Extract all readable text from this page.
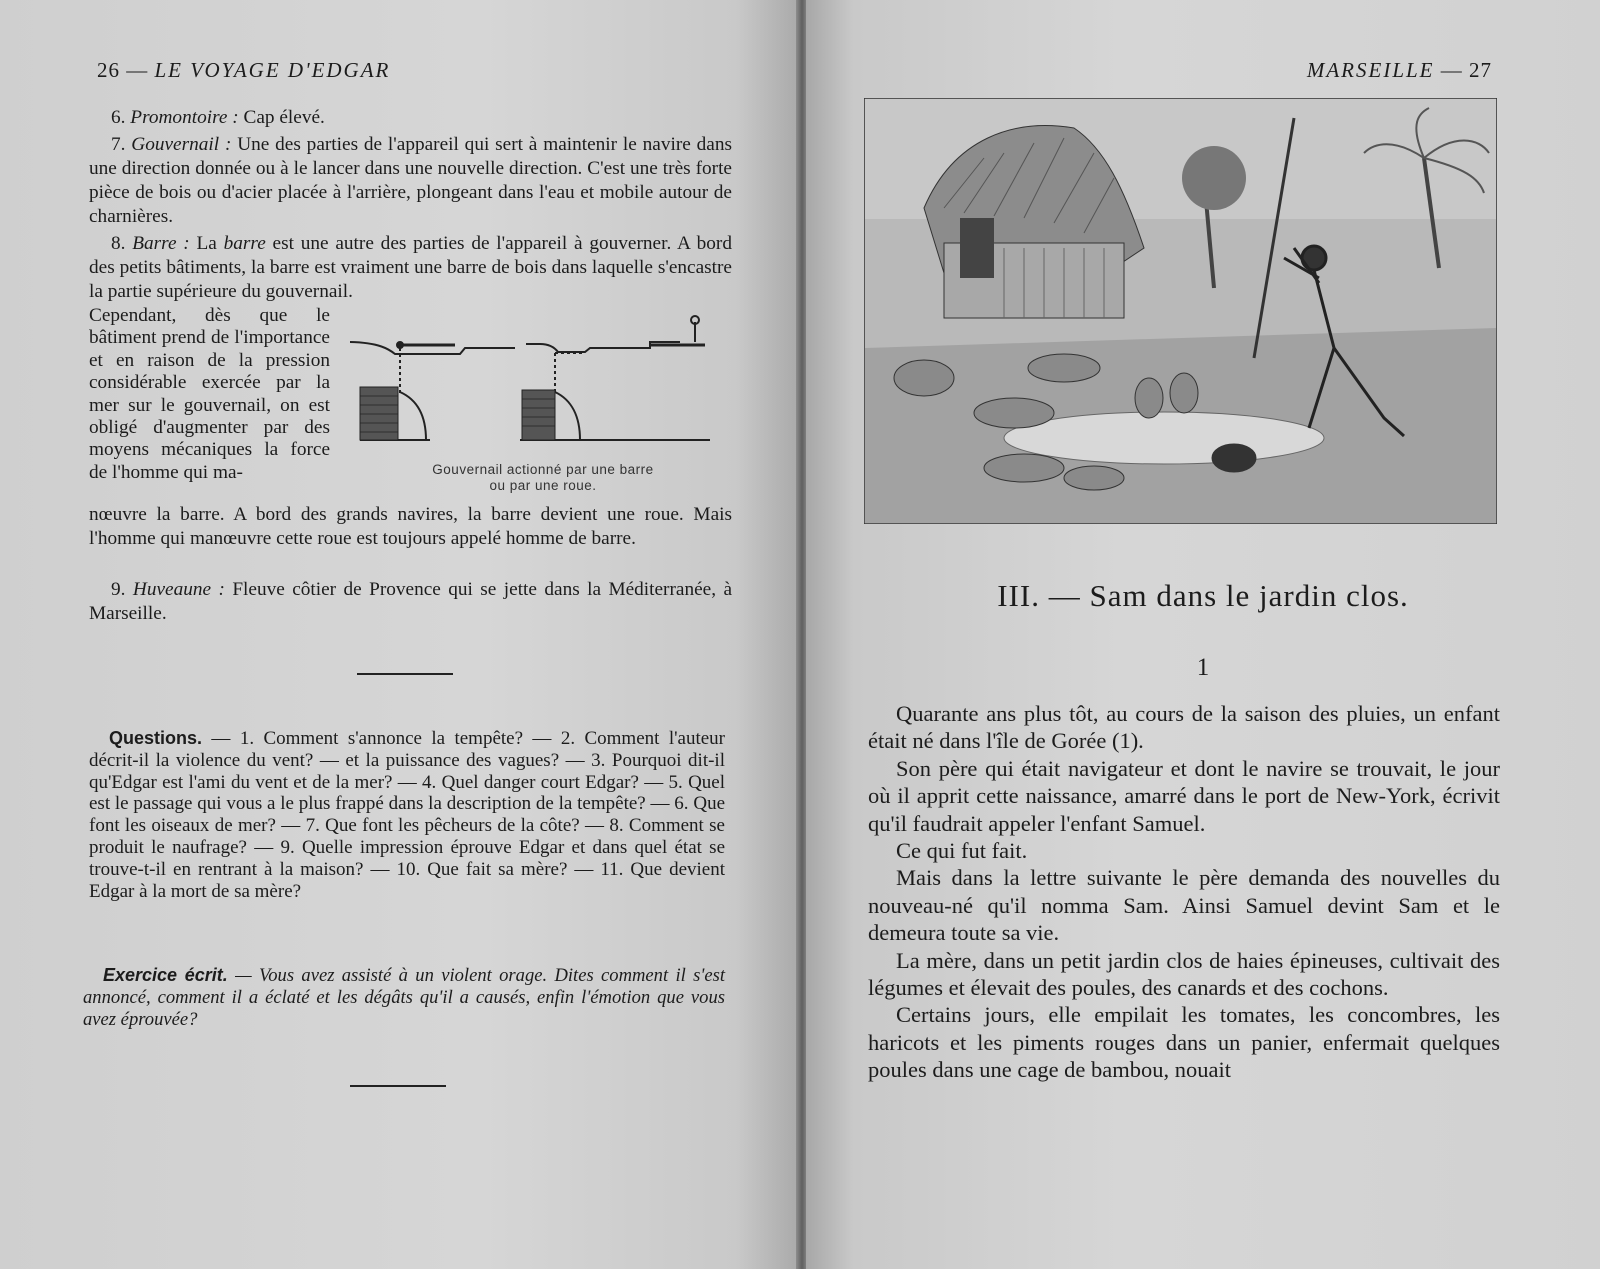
26 — LE VOYAGE D'EDGAR

6. Promontoire : Cap élevé.

7. Gouvernail : Une des parties de l'appareil qui sert à maintenir le navire dans une direction donnée ou à le lancer dans une nouvelle direction. C'est une très forte pièce de bois ou d'acier placée à l'arrière, plongeant dans l'eau et mobile autour de charnières.

8. Barre : La barre est une autre des parties de l'appareil à gouverner. A bord des petits bâtiments, la barre est vraiment une barre de bois dans laquelle s'encastre la partie supérieure du gouvernail.

Cependant, dès que le bâtiment prend de l'importance et en raison de la pression considérable exercée par la mer sur le gouvernail, on est obligé d'augmenter par des moyens mécaniques la force de l'homme qui ma-	Gouvernail actionné par une barre
ou par une roue.
nœuvre la barre. A bord des grands navires, la barre devient une roue. Mais l'homme qui manœuvre cette roue est toujours appelé homme de barre.
9. Huveaune : Fleuve côtier de Provence qui se jette dans la Méditerranée, à Marseille.
Questions. — 1. Comment s'annonce la tempête? — 2. Comment l'auteur décrit-il la violence du vent? — et la puissance des vagues? — 3. Pourquoi dit-il qu'Edgar est l'ami du vent et de la mer? — 4. Quel danger court Edgar? — 5. Quel est le passage qui vous a le plus frappé dans la description de la tempête? — 6. Que font les oiseaux de mer? — 7. Que font les pêcheurs de la côte? — 8. Comment se produit le naufrage? — 9. Quelle impression éprouve Edgar et dans quel état se trouve-t-il en rentrant à la maison? — 10. Que fait sa mère? — 11. Que devient Edgar à la mort de sa mère?
Exercice écrit. — Vous avez assisté à un violent orage. Dites comment il s'est annoncé, comment il a éclaté et les dégâts qu'il a causés, enfin l'émotion que vous avez éprouvée?
MARSEILLE — 27
III. — Sam dans le jardin clos.
1

Quarante ans plus tôt, au cours de la saison des pluies, un enfant était né dans l'île de Gorée (1).

Son père qui était navigateur et dont le navire se trouvait, le jour où il apprit cette naissance, amarré dans le port de New-York, écrivit qu'il faudrait appeler l'enfant Samuel.

Ce qui fut fait.

Mais dans la lettre suivante le père demanda des nouvelles du nouveau-né qu'il nomma Sam. Ainsi Samuel devint Sam et le demeura toute sa vie.

La mère, dans un petit jardin clos de haies épineuses, cultivait des légumes et élevait des poules, des canards et des cochons.

Certains jours, elle empilait les tomates, les concombres, les haricots et les piments rouges dans un panier, enfermait quelques poules dans une cage de bambou, nouait
